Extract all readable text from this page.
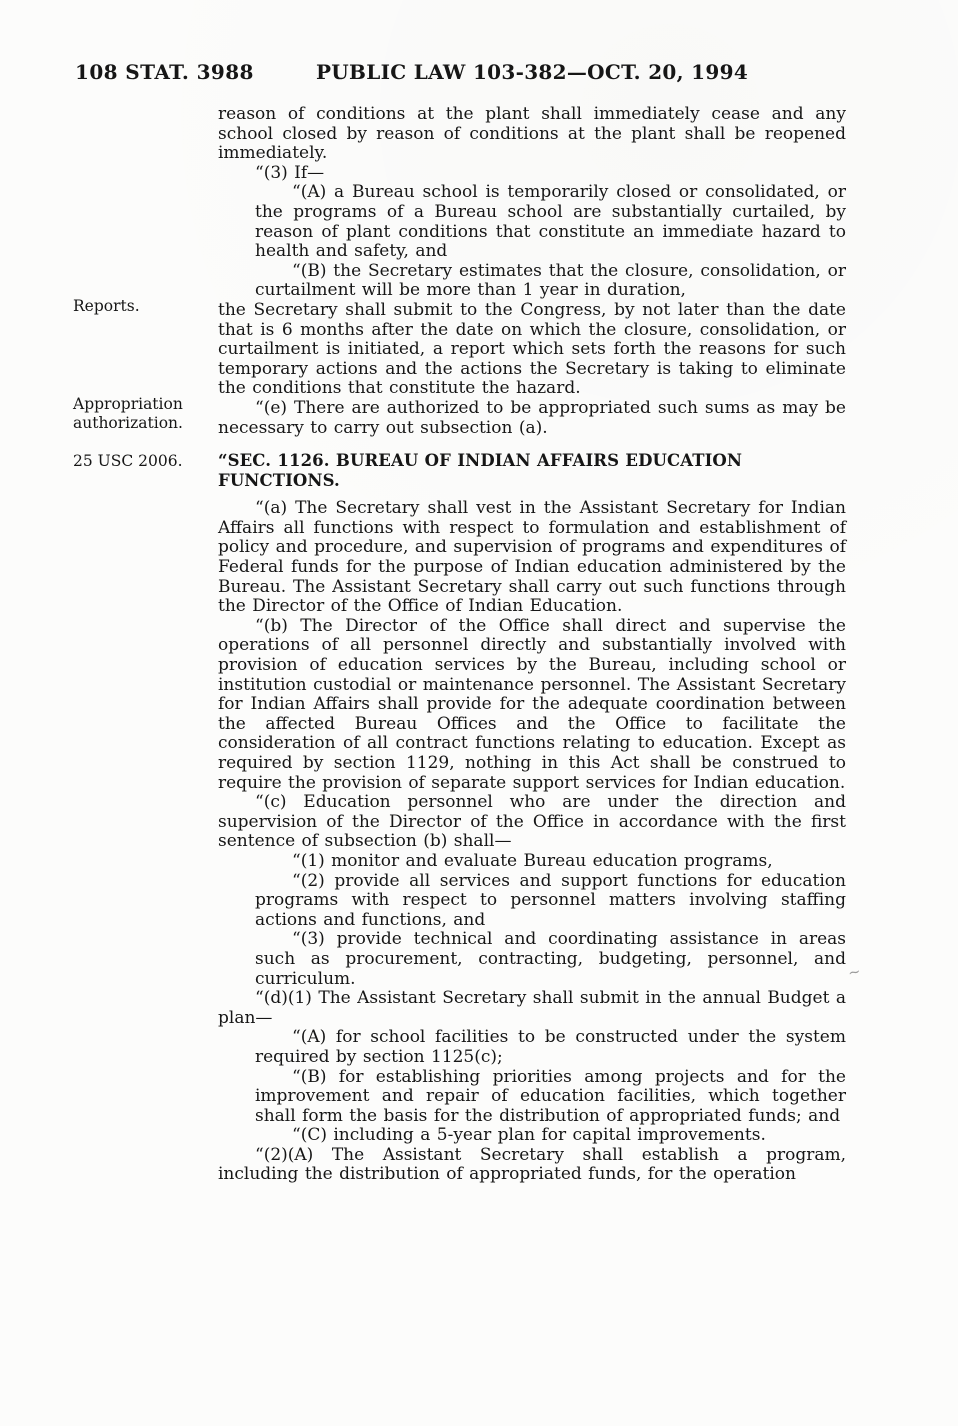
108 STAT. 3988	PUBLIC LAW 103-382—OCT. 20, 1994
Reports.
Appropriation authorization.
25 USC 2006.

reason of conditions at the plant shall immediately cease and any school closed by reason of conditions at the plant shall be reopened immediately.

“(3) If—

“(A) a Bureau school is temporarily closed or consolidated, or the programs of a Bureau school are substantially curtailed, by reason of plant conditions that constitute an immediate hazard to health and safety, and

“(B) the Secretary estimates that the closure, consolidation, or curtailment will be more than 1 year in duration,

the Secretary shall submit to the Congress, by not later than the date that is 6 months after the date on which the closure, consolidation, or curtailment is initiated, a report which sets forth the reasons for such temporary actions and the actions the Secretary is taking to eliminate the conditions that constitute the hazard.

“(e) There are authorized to be appropriated such sums as may be necessary to carry out subsection (a).

“SEC. 1126. BUREAU OF INDIAN AFFAIRS EDUCATION FUNCTIONS.

“(a) The Secretary shall vest in the Assistant Secretary for Indian Affairs all functions with respect to formulation and establishment of policy and procedure, and supervision of programs and expenditures of Federal funds for the purpose of Indian education administered by the Bureau. The Assistant Secretary shall carry out such functions through the Director of the Office of Indian Education.

“(b) The Director of the Office shall direct and supervise the operations of all personnel directly and substantially involved with provision of education services by the Bureau, including school or institution custodial or maintenance personnel. The Assistant Secretary for Indian Affairs shall provide for the adequate coordination between the affected Bureau Offices and the Office to facilitate the consideration of all contract functions relating to education. Except as required by section 1129, nothing in this Act shall be construed to require the provision of separate support services for Indian education.

“(c) Education personnel who are under the direction and supervision of the Director of the Office in accordance with the first sentence of subsection (b) shall—

“(1) monitor and evaluate Bureau education programs,

“(2) provide all services and support functions for education programs with respect to personnel matters involving staffing actions and functions, and

“(3) provide technical and coordinating assistance in areas such as procurement, contracting, budgeting, personnel, and curriculum.

“(d)(1) The Assistant Secretary shall submit in the annual Budget a plan—

“(A) for school facilities to be constructed under the system required by section 1125(c);

“(B) for establishing priorities among projects and for the improvement and repair of education facilities, which together shall form the basis for the distribution of appropriated funds; and

“(C) including a 5-year plan for capital improvements.

“(2)(A) The Assistant Secretary shall establish a program, including the distribution of appropriated funds, for the operation

~
